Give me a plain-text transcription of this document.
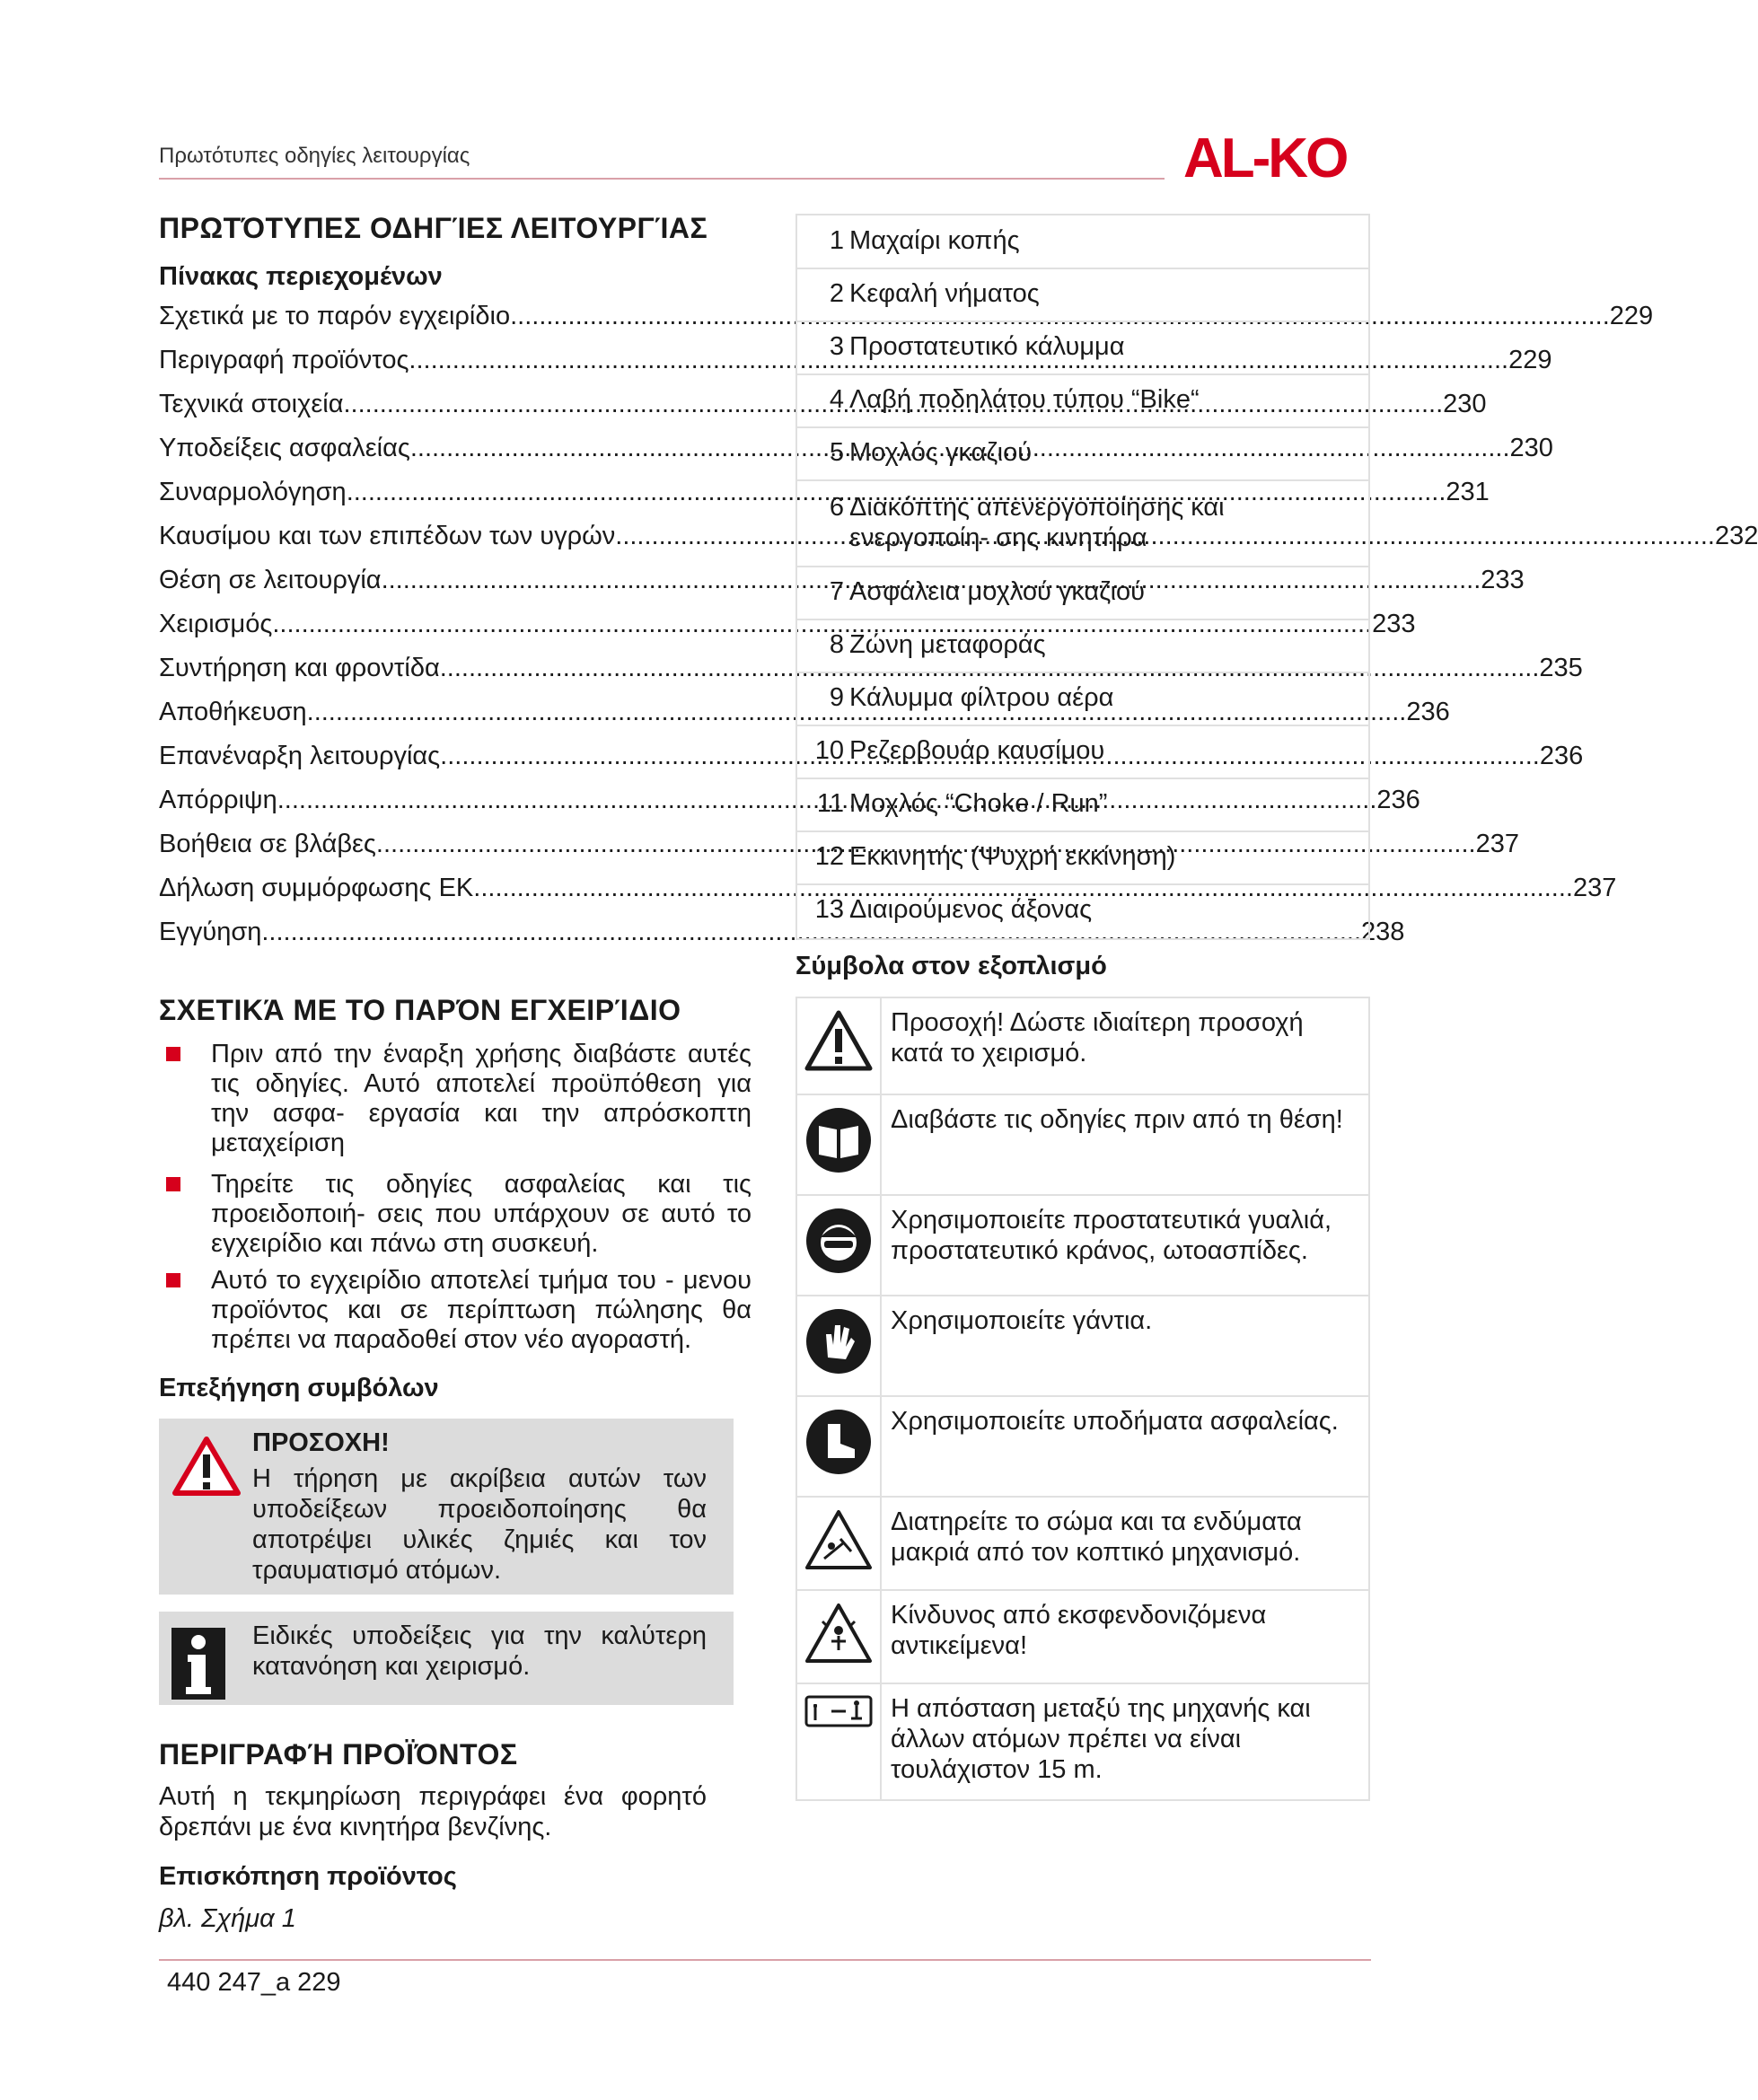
Πρωτότυπες οδηγίες λειτουργίας	AL-KO
ΠΡΩΤΌΤΥΠΕΣ ΟΔΗΓΊΕΣ ΛΕΙΤΟΥΡΓΊΑΣ
Πίνακας περιεχομένων
Σχετικά με το παρόν εγχειρίδιο .....	229
Περιγραφή προϊόντος .....	229
Τεχνικά στοιχεία .....	230
Υποδείξεις ασφαλείας .....	230
Συναρμολόγηση .....	231
Καυσίμου και των επιπέδων των υγρών .....	232
Θέση σε λειτουργία .....	233
Χειρισμός .....	233
Συντήρηση και φροντίδα .....	235
Αποθήκευση .....	236
Επανέναρξη λειτουργίας .....	236
Απόρριψη .....	236
Βοήθεια σε βλάβες .....	237
Δήλωση συμμόρφωσης ΕΚ .....	237
Εγγύηση .....	238
ΣΧΕΤΙΚΆ ΜΕ ΤΟ ΠΑΡΌΝ ΕΓΧΕΙΡΊΔΙΟ
Πριν από την έναρξη χρήσης διαβάστε αυτές τις οδηγίες. Αυτό αποτελεί προϋπόθεση για την ασφα- εργασία και την απρόσκοπτη μεταχείριση
Τηρείτε τις οδηγίες ασφαλείας και τις προειδοποιή- σεις που υπάρχουν σε αυτό το εγχειρίδιο και πάνω στη συσκευή.
Αυτό το εγχειρίδιο αποτελεί τμήμα του - μενου προϊόντος και σε περίπτωση πώλησης θα πρέπει να παραδοθεί στον νέο αγοραστή.
Επεξήγηση συμβόλων
ΠΡΟΣΟΧΗ!
Η τήρηση με ακρίβεια αυτών των υποδείξεων προειδοποίησης θα αποτρέψει υλικές ζημιές και τον τραυματισμό ατόμων.
Ειδικές υποδείξεις για την καλύτερη κατανόηση και χειρισμό.
ΠΕΡΙΓΡΑΦΉ ΠΡΟΪΌΝΤΟΣ
Αυτή η τεκμηρίωση περιγράφει ένα φορητό δρεπάνι με ένα κινητήρα βενζίνης.
Επισκόπηση προϊόντος
βλ. Σχήμα 1
1 Μαχαίρι κοπής
2 Κεφαλή νήματος
3 Προστατευτικό κάλυμμα
4 Λαβή ποδηλάτου τύπου “Bike“
5 Μοχλός γκαζιού
6 Διακόπτης απενεργοποίησης και ενεργοποίη- σης κινητήρα
7 Ασφάλεια μοχλού γκαζιού
8 Ζώνη μεταφοράς
9 Κάλυμμα φίλτρου αέρα
10 Ρεζερβουάρ καυσίμου
11 Μοχλός “Choke / Run”
12 Εκκινητής (Ψυχρή εκκίνηση)
13 Διαιρούμενος άξονας
Σύμβολα στον εξοπλισμό
Προσοχή! Δώστε ιδιαίτερη προσοχή κατά το χειρισμό.
Διαβάστε τις οδηγίες πριν από τη θέση!
Χρησιμοποιείτε προστατευτικά γυαλιά, προστατευτικό κράνος, ωτοασπίδες.
Χρησιμοποιείτε γάντια.
Χρησιμοποιείτε υποδήματα ασφαλείας.
Διατηρείτε το σώμα και τα ενδύματα μακριά από τον κοπτικό μηχανισμό.
Κίνδυνος από εκσφενδονιζόμενα αντικείμενα!
Η απόσταση μεταξύ της μηχανής και άλλων ατόμων πρέπει να είναι τουλάχιστον 15 m.
440 247_a 229
